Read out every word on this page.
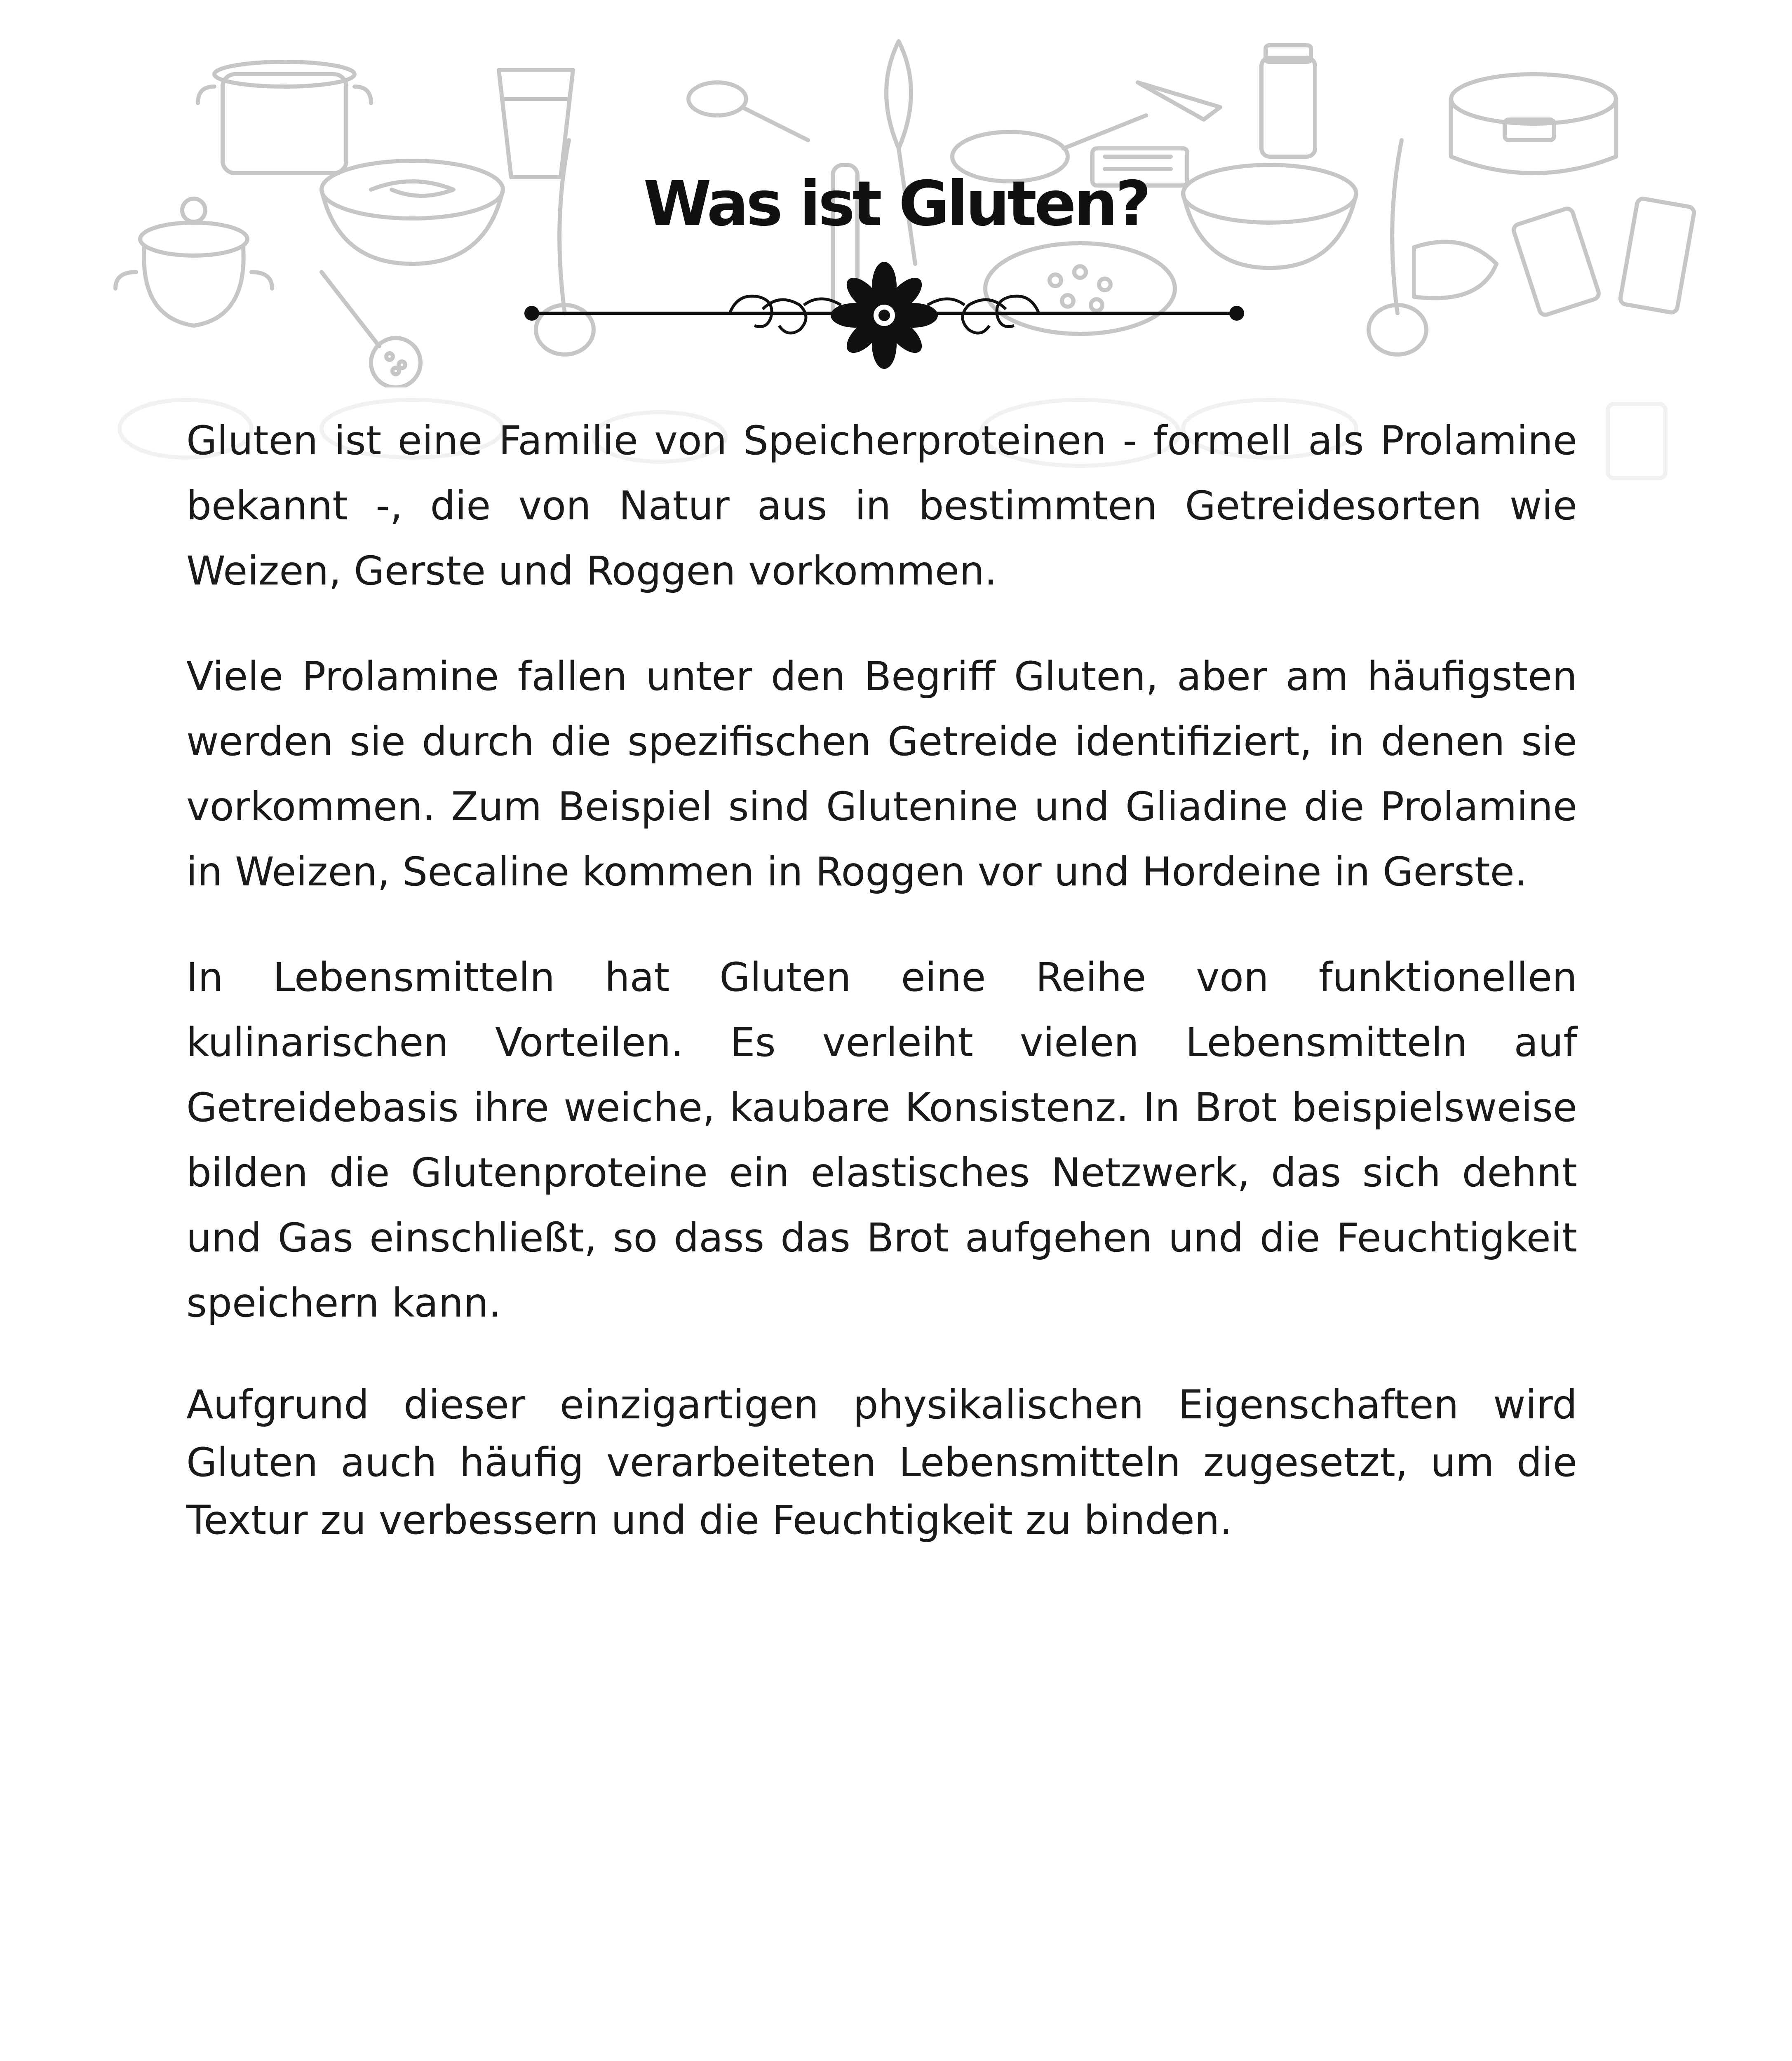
Was ist Gluten?

Gluten ist eine Familie von Speicherproteinen - formell als Prolamine bekannt -, die von Natur aus in bestimmten Getreidesorten wie Weizen, Gerste und Roggen vorkommen.

Viele Prolamine fallen unter den Begriff Gluten, aber am häufigsten werden sie durch die spezifischen Getreide identifiziert, in denen sie vorkommen. Zum Beispiel sind Glutenine und Gliadine die Prolamine in Weizen, Secaline kommen in Roggen vor und Hordeine in Gerste.

In Lebensmitteln hat Gluten eine Reihe von funktionellen kulinarischen Vorteilen. Es verleiht vielen Lebensmitteln auf Getreidebasis ihre weiche, kaubare Konsistenz. In Brot beispielsweise bilden die Glutenproteine ein elastisches Netzwerk, das sich dehnt und Gas einschließt, so dass das Brot aufgehen und die Feuchtigkeit speichern kann.

Aufgrund dieser einzigartigen physikalischen Eigenschaften wird Gluten auch häufig verarbeiteten Lebensmitteln zugesetzt, um die Textur zu verbessern und die Feuchtigkeit zu binden.
